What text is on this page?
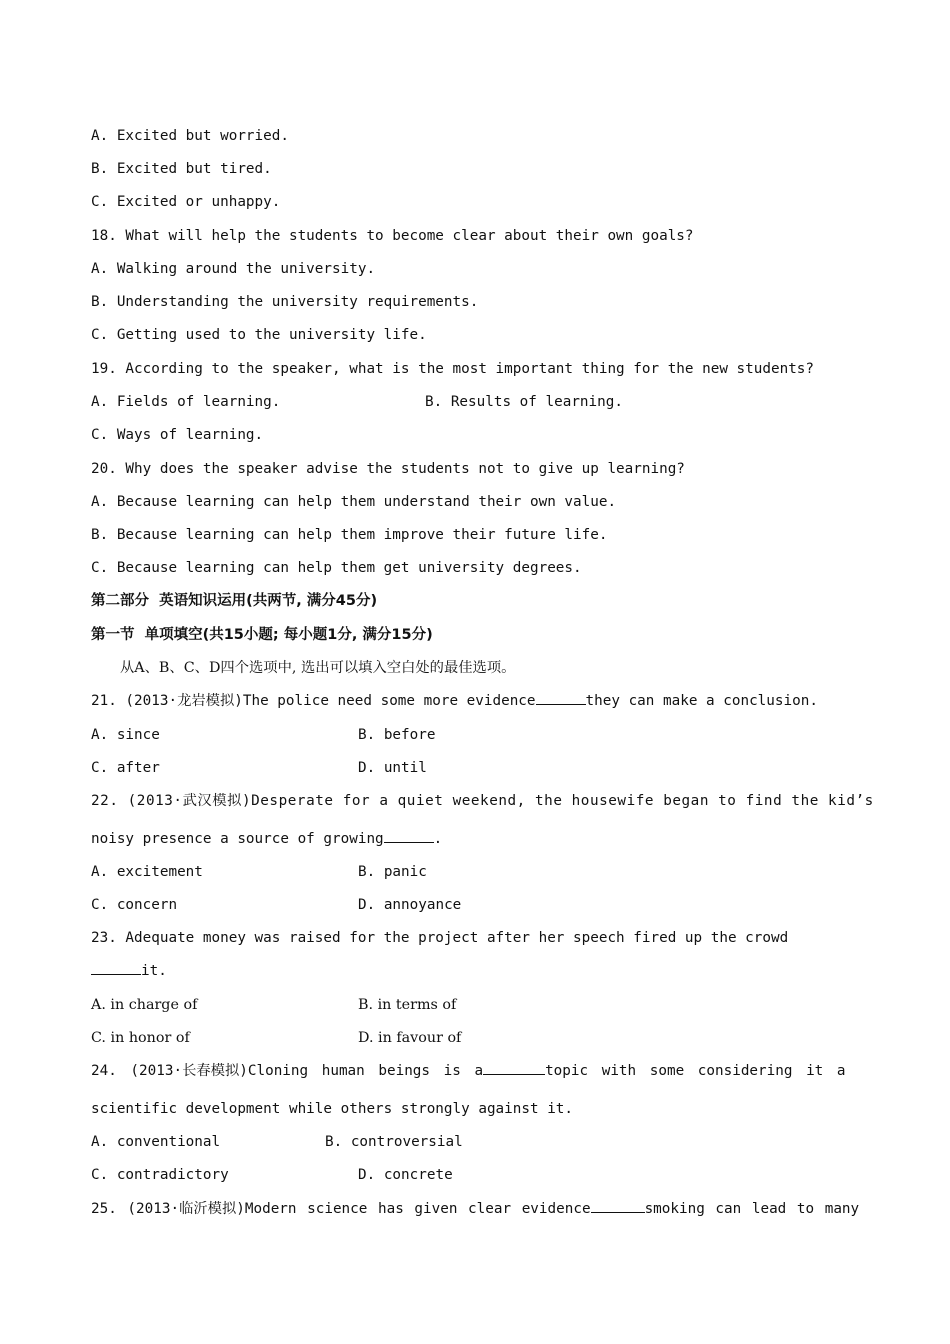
A. Excited but worried.
B. Excited but tired.
C. Excited or unhappy.
18. What will help the students to become clear about their own goals?
A. Walking around the university.
B. Understanding the university requirements.
C. Getting used to the university life.
19. According to the speaker, what is the most important thing for the new students?
A. Fields of learning.	B. Results of learning.
C. Ways of learning.
20. Why does the speaker advise the students not to give up learning?
A. Because learning can help them understand their own value.
B. Because learning can help them improve their future life.
C. Because learning can help them get university degrees.
第二部分  英语知识运用(共两节, 满分45分)
第一节  单项填空(共15小题; 每小题1分, 满分15分)
从A、B、C、D四个选项中, 选出可以填入空白处的最佳选项。
21. (2013·龙岩模拟)The police need some more evidence	they can make a conclusion.
A. since	B. before
C. after	D. until
22. (2013·武汉模拟)Desperate for a quiet weekend, the housewife began to find the kid’s
noisy presence a source of growing	.
A. excitement	B. panic
C. concern	D. annoyance
23. Adequate money was raised for the project after her speech fired up the crowd
it.
A. in charge of	B. in terms of
C. in honor of	D. in favour of
24. (2013·长春模拟)Cloning human beings is a	topic with some considering it a
scientific development while others strongly against it.
A. conventional	B. controversial
C. contradictory	D. concrete
25. (2013·临沂模拟)Modern science has given clear evidence	smoking can lead to many
